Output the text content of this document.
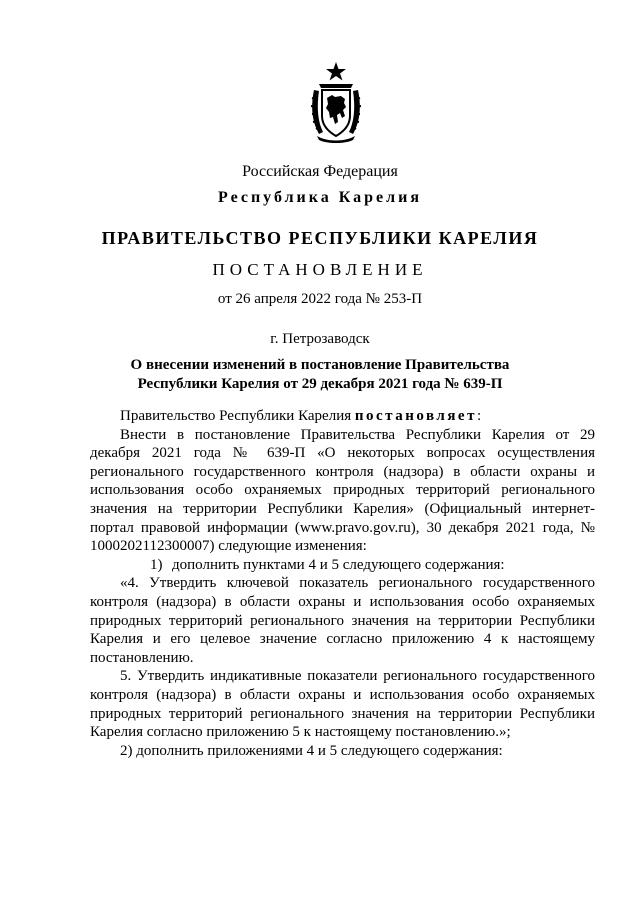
Российская Федерация
Республика Карелия
ПРАВИТЕЛЬСТВО РЕСПУБЛИКИ КАРЕЛИЯ
ПОСТАНОВЛЕНИЕ
от 26 апреля 2022 года № 253-П
г. Петрозаводск
О внесении изменений в постановление Правительства
Республики Карелия от 29 декабря 2021 года № 639-П

Правительство Республики Карелия постановляет:

Внести в постановление Правительства Республики Карелия от 29 декабря 2021 года № 639-П «О некоторых вопросах осуществления регионального государственного контроля (надзора) в области охраны и использования особо охраняемых природных территорий регионального значения на территории Республики Карелия» (Официальный интернет-портал правовой информации (www.pravo.gov.ru), 30 декабря 2021 года, № 1000202112300007) следующие изменения:

1) дополнить пунктами 4 и 5 следующего содержания:

«4. Утвердить ключевой показатель регионального государственного контроля (надзора) в области охраны и использования особо охраняемых природных территорий регионального значения на территории Республики Карелия и его целевое значение согласно приложению 4 к настоящему постановлению.

5. Утвердить индикативные показатели регионального государственного контроля (надзора) в области охраны и использования особо охраняемых природных территорий регионального значения на территории Республики Карелия согласно приложению 5 к настоящему постановлению.»;

2) дополнить приложениями 4 и 5 следующего содержания:
